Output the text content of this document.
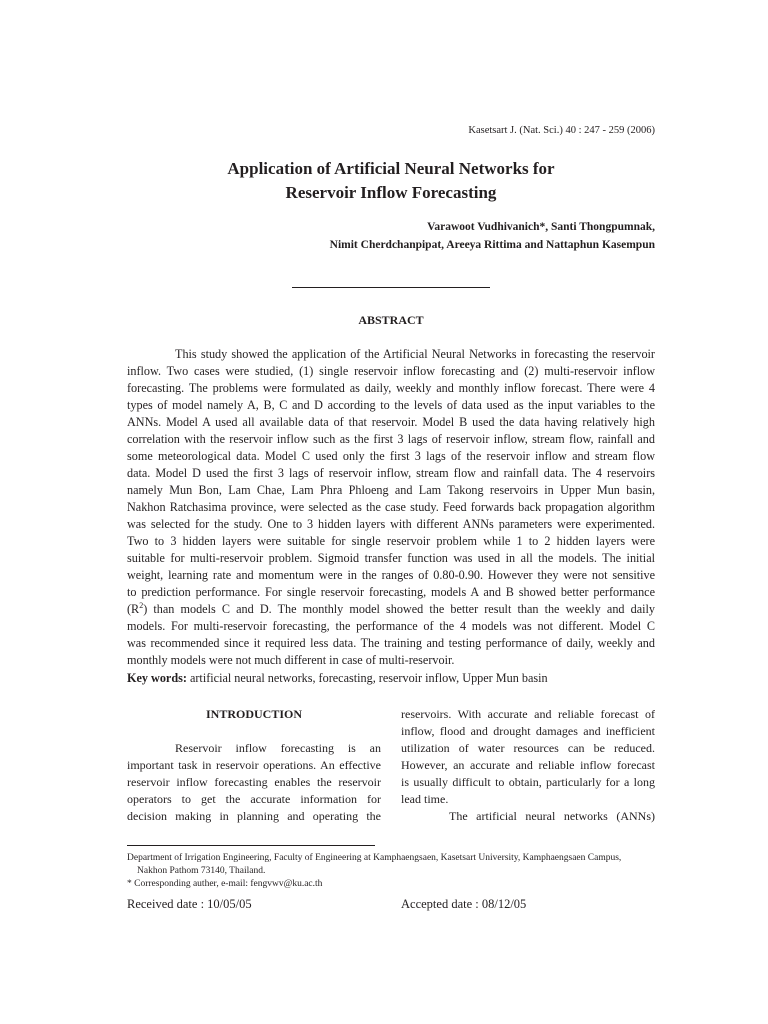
Kasetsart J. (Nat. Sci.) 40 : 247 - 259 (2006)
Application of Artificial Neural Networks for
Reservoir Inflow Forecasting
Varawoot Vudhivanich*, Santi Thongpumnak,
Nimit Cherdchanpipat, Areeya Rittima and Nattaphun Kasempun
ABSTRACT
This study showed the application of the Artificial Neural Networks in forecasting the reservoir
inflow. Two cases were studied, (1) single reservoir inflow forecasting and (2) multi-reservoir inflow
forecasting. The problems were formulated as daily, weekly and monthly inflow forecast. There were 4
types of model namely A, B, C and D according to the levels of data used as the input variables to the
ANNs. Model A used all available data of that reservoir. Model B used the data having relatively high
correlation with the reservoir inflow such as the first 3 lags of reservoir inflow, stream flow, rainfall and
some meteorological data. Model C used only the first 3 lags of the reservoir inflow and stream flow
data. Model D used the first 3 lags of reservoir inflow, stream flow and rainfall data. The 4 reservoirs
namely Mun Bon, Lam Chae, Lam Phra Phloeng and Lam Takong reservoirs in Upper Mun basin,
Nakhon Ratchasima province, were selected as the case study. Feed forwards back propagation algorithm
was selected for the study. One to 3 hidden layers with different ANNs parameters were experimented.
Two to 3 hidden layers were suitable for single reservoir problem while 1 to 2 hidden layers were
suitable for multi-reservoir problem. Sigmoid transfer function was used in all the models. The initial
weight, learning rate and momentum were in the ranges of 0.80-0.90. However they were not sensitive
to prediction performance. For single reservoir forecasting, models A and B showed better performance
$(R^2)$ than models C and D. The monthly model showed the better result than the weekly and daily
models. For multi-reservoir forecasting, the performance of the 4 models was not different. Model C
was recommended since it required less data. The training and testing performance of daily, weekly and
monthly models were not much different in case of multi-reservoir.
Key words: artificial neural networks, forecasting, reservoir inflow, Upper Mun basin
INTRODUCTION
Reservoir inflow forecasting is an
important task in reservoir operations. An effective
reservoir inflow forecasting enables the reservoir
operators to get the accurate information for
decision making in planning and operating the
reservoirs. With accurate and reliable forecast of
inflow, flood and drought damages and inefficient
utilization of water resources can be reduced.
However, an accurate and reliable inflow forecast
is usually difficult to obtain, particularly for a long
lead time.
The artificial neural networks (ANNs)
Department of Irrigation Engineering, Faculty of Engineering at Kamphaengsaen, Kasetsart University, Kamphaengsaen Campus,
Nakhon Pathom 73140, Thailand.
* Corresponding auther, e-mail: fengvwv@ku.ac.th
Received date : 10/05/05	Accepted date : 08/12/05
